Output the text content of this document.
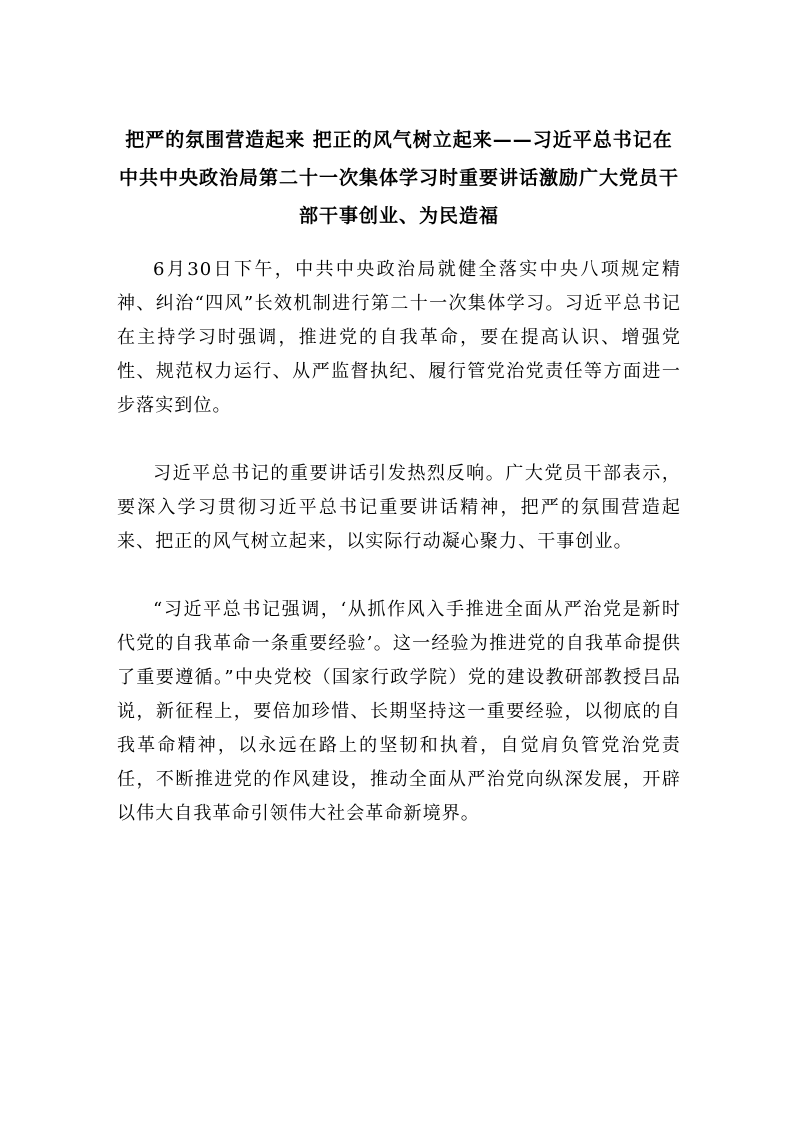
把严的氛围营造起来 把正的风气树立起来——习近平总书记在中共中央政治局第二十一次集体学习时重要讲话激励广大党员干部干事创业、为民造福

6月30日下午，中共中央政治局就健全落实中央八项规定精神、纠治“四风”长效机制进行第二十一次集体学习。习近平总书记在主持学习时强调，推进党的自我革命，要在提高认识、增强党性、规范权力运行、从严监督执纪、履行管党治党责任等方面进一步落实到位。

习近平总书记的重要讲话引发热烈反响。广大党员干部表示，要深入学习贯彻习近平总书记重要讲话精神，把严的氛围营造起来、把正的风气树立起来，以实际行动凝心聚力、干事创业。

“习近平总书记强调，‘从抓作风入手推进全面从严治党是新时代党的自我革命一条重要经验’。这一经验为推进党的自我革命提供了重要遵循。”中央党校（国家行政学院）党的建设教研部教授吕品说，新征程上，要倍加珍惜、长期坚持这一重要经验，以彻底的自我革命精神，以永远在路上的坚韧和执着，自觉肩负管党治党责任，不断推进党的作风建设，推动全面从严治党向纵深发展，开辟以伟大自我革命引领伟大社会革命新境界。
